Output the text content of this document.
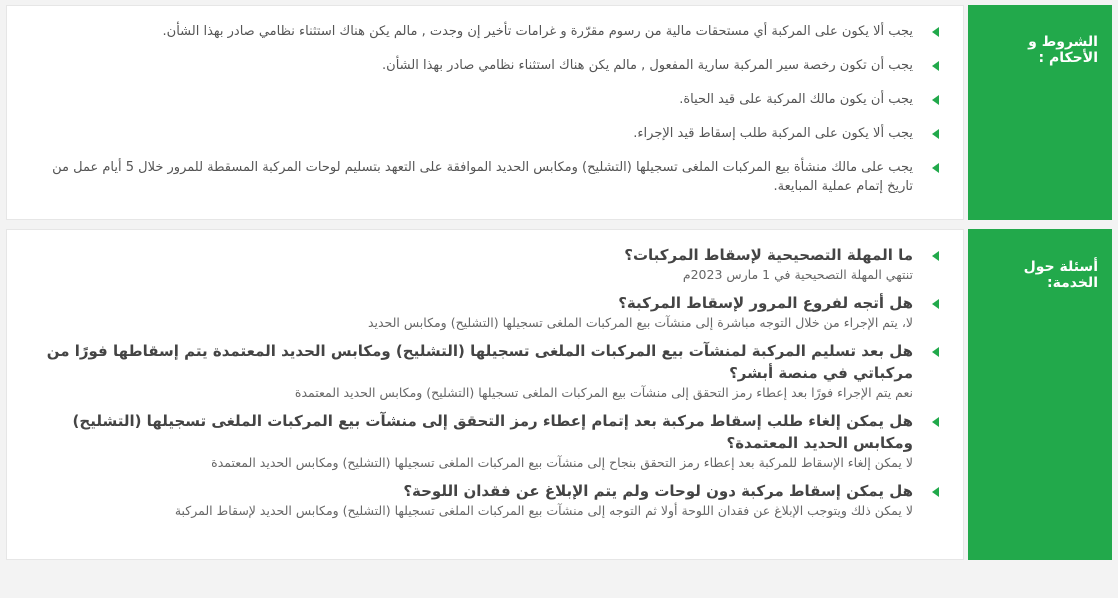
الشروط و الأحكام :
يجب ألا يكون على المركبة أي مستحقات مالية من رسوم مقرّرة و غرامات تأخير إن وجدت , مالم يكن هناك استثناء نظامي صادر بهذا الشأن.
يجب أن تكون رخصة سير المركبة سارية المفعول , مالم يكن هناك استثناء نظامي صادر بهذا الشأن.
يجب أن يكون مالك المركبة على قيد الحياة.
يجب ألا يكون على المركبة طلب إسقاط قيد الإجراء.
يجب على مالك منشأة بيع المركبات الملغى تسجيلها (التشليح) ومكابس الحديد الموافقة على التعهد بتسليم لوحات المركبة المسقطة للمرور خلال 5 أيام عمل من تاريخ إتمام عملية المبايعة.
أسئلة حول الخدمة:
ما المهلة التصحيحية لإسقاط المركبات؟
تنتهي المهلة التصحيحية في 1 مارس 2023م
هل أتجه لفروع المرور لإسقاط المركبة؟
لا، يتم الإجراء من خلال التوجه مباشرة إلى منشآت بيع المركبات الملغى تسجيلها (التشليح) ومكابس الحديد
هل بعد تسليم المركبة لمنشآت بيع المركبات الملغى تسجيلها (التشليح) ومكابس الحديد المعتمدة يتم إسقاطها فورًا من مركباتي في منصة أبشر؟
نعم يتم الإجراء فورًا بعد إعطاء رمز التحقق إلى منشآت بيع المركبات الملغى تسجيلها (التشليح) ومكابس الحديد المعتمدة
هل يمكن إلغاء طلب إسقاط مركبة بعد إتمام إعطاء رمز التحقق إلى منشآت بيع المركبات الملغى تسجيلها (التشليح) ومكابس الحديد المعتمدة؟
لا يمكن إلغاء الإسقاط للمركبة بعد إعطاء رمز التحقق بنجاح إلى منشآت بيع المركبات الملغى تسجيلها (التشليح) ومكابس الحديد المعتمدة
هل يمكن إسقاط مركبة دون لوحات ولم يتم الإبلاغ عن فقدان اللوحة؟
لا يمكن ذلك ويتوجب الإبلاغ عن فقدان اللوحة أولا ثم التوجه إلى منشآت بيع المركبات الملغى تسجيلها (التشليح) ومكابس الحديد لإسقاط المركبة
